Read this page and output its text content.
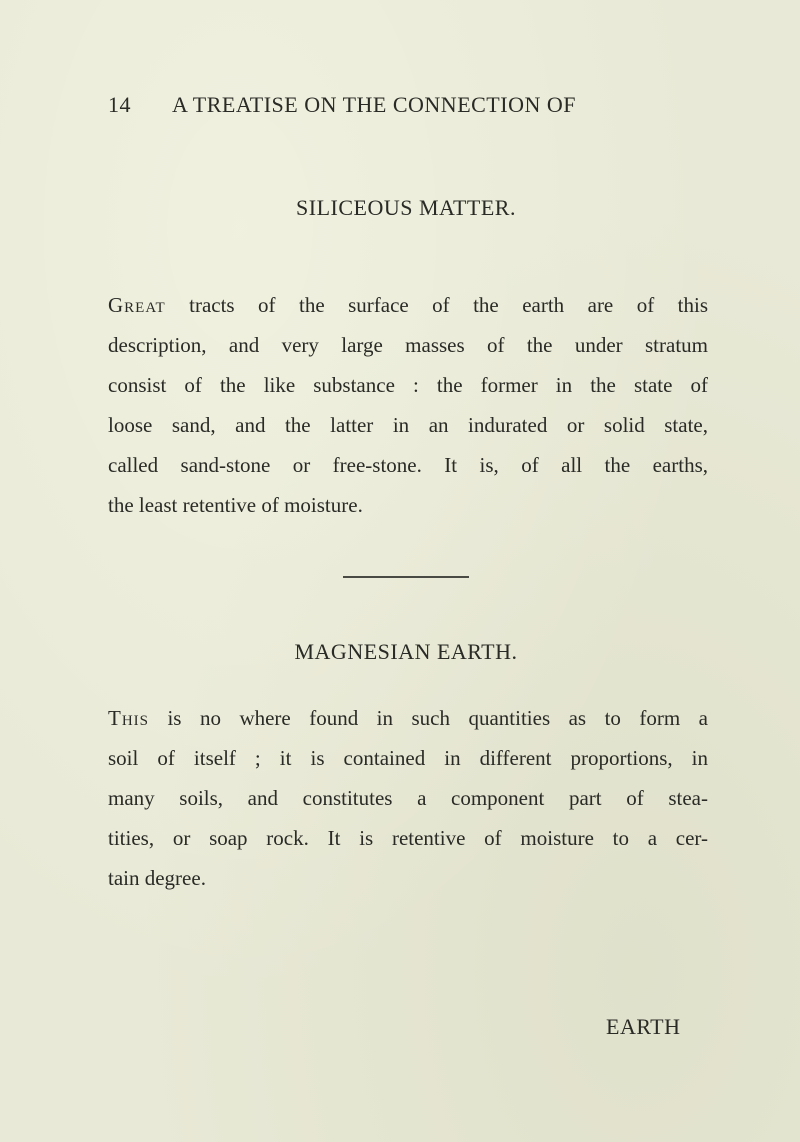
14 A TREATISE ON THE CONNECTION OF
SILICEOUS MATTER.
Great tracts of the surface of the earth are of this
description, and very large masses of the under stratum
consist of the like substance : the former in the state of
loose sand, and the latter in an indurated or solid state,
called sand-stone or free-stone. It is, of all the earths,
the least retentive of moisture.
MAGNESIAN EARTH.
This is no where found in such quantities as to form a
soil of itself ; it is contained in different proportions, in
many soils, and constitutes a component part of stea-
tities, or soap rock. It is retentive of moisture to a cer-
tain degree.
EARTH
